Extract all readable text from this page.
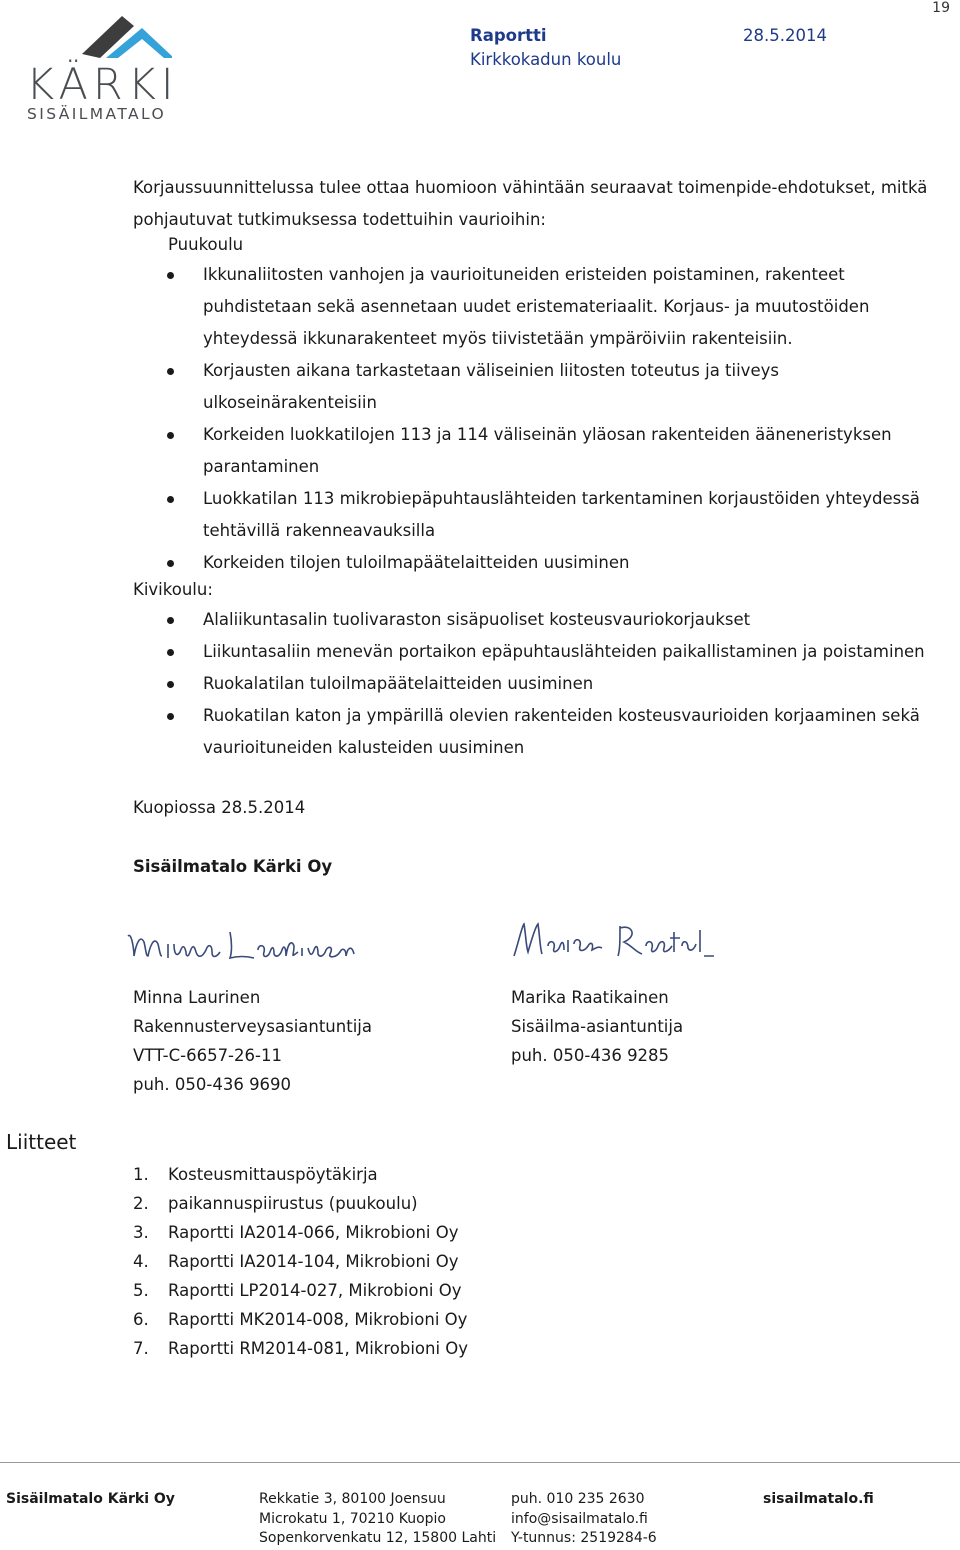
19
KÄRKI
SISÄILMATALO
Raportti	28.5.2014
Kirkkokadun koulu
Korjaussuunnittelussa tulee ottaa huomioon vähintään seuraavat toimenpide-ehdotukset, mitkä pohjautuvat tutkimuksessa todettuihin vaurioihin:
Puukoulu
Ikkunaliitosten vanhojen ja vaurioituneiden eristeiden poistaminen, rakenteet puhdistetaan sekä asennetaan uudet eristemateriaalit. Korjaus- ja muutostöiden yhteydessä ikkunarakenteet myös tiivistetään ympäröiviin rakenteisiin.
Korjausten aikana tarkastetaan väliseinien liitosten toteutus ja tiiveys ulkoseinärakenteisiin
Korkeiden luokkatilojen 113 ja 114 väliseinän yläosan rakenteiden ääneneristyksen parantaminen
Luokkatilan 113 mikrobiepäpuhtauslähteiden tarkentaminen korjaustöiden yhteydessä tehtävillä rakenneavauksilla
Korkeiden tilojen tuloilmapäätelaitteiden uusiminen
Kivikoulu:
Alaliikuntasalin tuolivaraston sisäpuoliset kosteusvauriokorjaukset
Liikuntasaliin menevän portaikon epäpuhtauslähteiden paikallistaminen ja poistaminen
Ruokalatilan tuloilmapäätelaitteiden uusiminen
Ruokatilan katon ja ympärillä olevien rakenteiden kosteusvaurioiden korjaaminen sekä vaurioituneiden kalusteiden uusiminen
Kuopiossa 28.5.2014
Sisäilmatalo Kärki Oy
Minna Laurinen
Rakennusterveysasiantuntija
VTT-C-6657-26-11
puh. 050-436 9690
Marika Raatikainen
Sisäilma-asiantuntija
puh. 050-436 9285
Liitteet
1. Kosteusmittauspöytäkirja
2. paikannuspiirustus (puukoulu)
3. Raportti IA2014-066, Mikrobioni Oy
4. Raportti IA2014-104, Mikrobioni Oy
5. Raportti LP2014-027, Mikrobioni Oy
6. Raportti MK2014-008, Mikrobioni Oy
7. Raportti RM2014-081, Mikrobioni Oy
Sisäilmatalo Kärki Oy	Rekkatie 3, 80100 Joensuu
Microkatu 1, 70210 Kuopio
Sopenkorvenkatu 12, 15800 Lahti
puh. 010 235 2630
info@sisailmatalo.fi
Y-tunnus: 2519284-6
sisailmatalo.fi
